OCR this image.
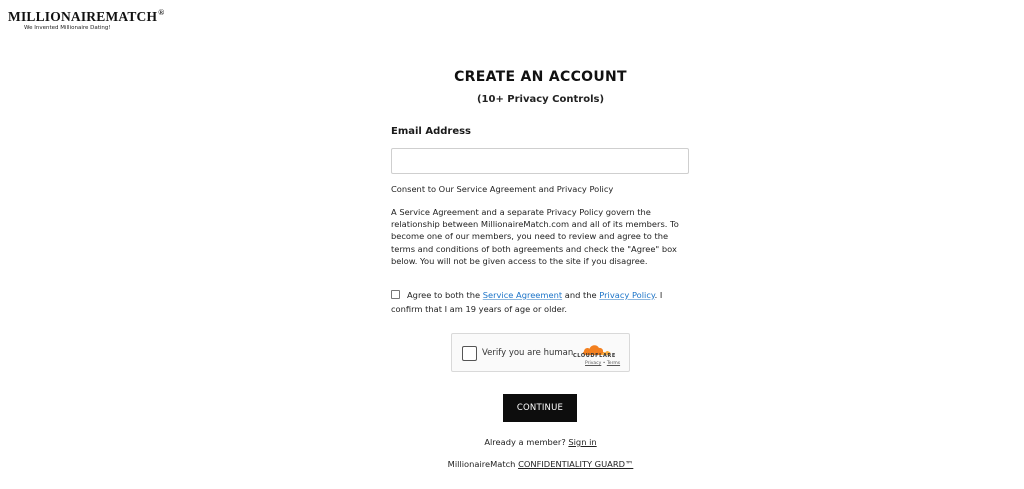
MILLIONAIREMATCH®
We Invented Millionaire Dating!
CREATE AN ACCOUNT
(10+ Privacy Controls)
Email Address
Consent to Our Service Agreement and Privacy Policy
A Service Agreement and a separate Privacy Policy govern the relationship between MillionaireMatch.com and all of its members. To become one of our members, you need to review and agree to the terms and conditions of both agreements and check the "Agree" box below. You will not be given access to the site if you disagree.
Agree to both the Service Agreement and the Privacy Policy. I confirm that I am 19 years of age or older.
Verify you are human CLOUDFLARE
Privacy • Terms
CONTINUE
Already a member? Sign in
MillionaireMatch CONFIDENTIALITY GUARD™
